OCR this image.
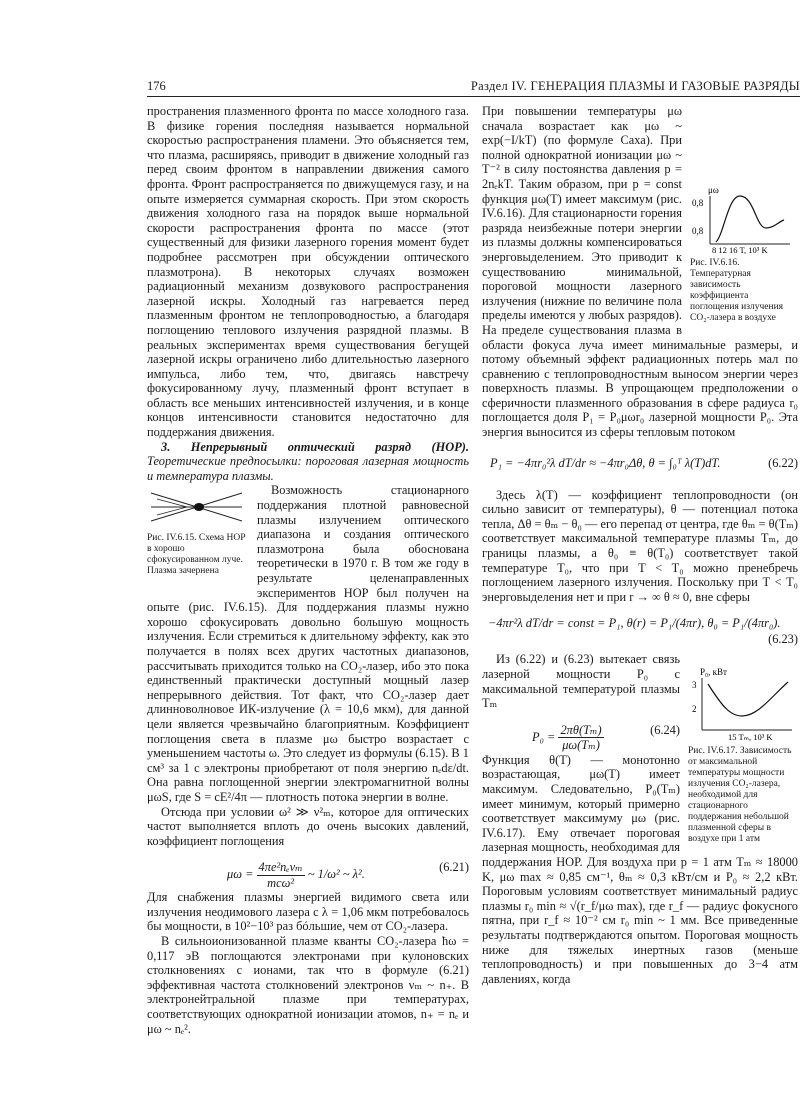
176	Раздел IV. ГЕНЕРАЦИЯ ПЛАЗМЫ И ГАЗОВЫЕ РАЗРЯДЫ

пространения плазменного фронта по массе холодного газа. В физике горения последняя называется нормальной скоростью распространения пламени. Это объясняется тем, что плазма, расширяясь, приводит в движение холодный газ перед своим фронтом в направлении движения самого фронта. Фронт распространяется по движущемуся газу, и на опыте измеряется суммарная скорость. При этом скорость движения холодного газа на порядок выше нормальной скорости распространения фронта по массе (этот существенный для физики лазерного горения момент будет подробнее рассмотрен при обсуждении оптического плазмотрона). В некоторых случаях возможен радиационный механизм дозвукового распространения лазерной искры. Холодный газ нагревается перед плазменным фронтом не теплопроводностью, а благодаря поглощению теплового излучения разрядной плазмы. В реальных экспериментах время существования бегущей лазерной искры ограничено либо длительностью лазерного импульса, либо тем, что, двигаясь навстречу фокусированному лучу, плазменный фронт вступает в область все меньших интенсивностей излучения, и в конце концов интенсивности становится недостаточно для поддержания движения.

3. Непрерывный оптический разряд (НОР). Теоретические предпосылки: пороговая лазерная мощность и температура плазмы.

Рис. IV.6.15. Схема НОР в хорошо сфокусированном луче. Плазма зачернена

Возможность стационарного поддержания плотной равновесной плазмы излучением оптического диапазона и создания оптического плазмотрона была обоснована теоретически в 1970 г. В том же году в результате целенаправленных экспериментов НОР был получен на опыте (рис. IV.6.15). Для поддержания плазмы нужно хорошо сфокусировать довольно большую мощность излучения. Если стремиться к длительному эффекту, как это получается в полях всех других частотных диапазонов, рассчитывать приходится только на CO₂-лазер, ибо это пока единственный практически доступный мощный лазер непрерывного действия. Тот факт, что CO₂-лазер дает длинноволновое ИК-излучение (λ = 10,6 мкм), для данной цели является чрезвычайно благоприятным. Коэффициент поглощения света в плазме μω быстро возрастает с уменьшением частоты ω. Это следует из формулы (6.15). В 1 см³ за 1 с электроны приобретают от поля энергию nₑdε/dt. Она равна поглощенной энергии электромагнитной волны μωS, где S = cE²/4π — плотность потока энергии в волне.

Отсюда при условии ω² ≫ ν²ₘ, которое для оптических частот выполняется вплоть до очень высоких давлений, коэффициент поглощения

$\mu\omega = \frac{\text{4πe²nₑνₘ}}{\text{mcω²}}$ ~ 1/ω² ~ λ².	(6.21)

Для снабжения плазмы энергией видимого света или излучения неодимового лазера с λ = 1,06 мкм потребовалось бы мощности, в 10²−10³ раз бóльшие, чем от CO₂-лазера.

В сильноионизованной плазме кванты CO₂-лазера ħω = 0,117 эВ поглощаются электронами при кулоновских столкновениях с ионами, так что в формуле (6.21) эффективная частота столкновений электронов νₘ ~ n₊. В электронейтральной плазме при температурах, соответствующих однократной ионизации атомов, n₊ = nₑ и μω ~ nₑ².

μω
0,8
0,8
8 12 16 T, 10³ K
Рис. IV.6.16. Температурная зависимость коэффициента поглощения излучения CO₂-лазера в воздухе

При повышении температуры μω сначала возрастает как μω ~ exp(−I/kT) (по формуле Саха). При полной однократной ионизации μω ~ T⁻² в силу постоянства давления p = 2nₑkT. Таким образом, при p = const функция μω(T) имеет максимум (рис. IV.6.16). Для стационарности горения разряда неизбежные потери энергии из плазмы должны компенсироваться энерговыделением. Это приводит к существованию минимальной, пороговой мощности лазерного излучения (нижние по величине пола пределы имеются у любых разрядов). На пределе существования плазма в области фокуса луча имеет минимальные размеры, и потому объемный эффект радиационных потерь мал по сравнению с теплопроводностным выносом энергии через поверхность плазмы. В упрощающем предположении о сферичности плазменного образования в сфере радиуса r₀ поглощается доля P₁ = P₀μωr₀ лазерной мощности P₀. Эта энергия выносится из сферы тепловым потоком

P₁ = −4πr₀²λ dT/dr ≈ −4πr₀Δθ, θ = ∫₀ᵀ λ(T)dT.	(6.22)

Здесь λ(T) — коэффициент теплопроводности (он сильно зависит от температуры), θ — потенциал потока тепла, Δθ = θₘ − θ₀ — его перепад от центра, где θₘ = θ(Tₘ) соответствует максимальной температуре плазмы Tₘ, до границы плазмы, а θ₀ ≡ θ(T₀) соответствует такой температуре T₀, что при T < T₀ можно пренебречь поглощением лазерного излучения. Поскольку при T < T₀ энерговыделения нет и при r → ∞ θ ≈ 0, вне сферы

−4πr²λ dT/dr = const = P₁, θ(r) = P₁/(4πr), θ₀ = P₁/(4πr₀).
(6.23)
P₀, кВт
3
2
15 Tₘ, 10³ K
Рис. IV.6.17. Зависимость от максимальной температуры мощности излучения CO₂-лазера, необходимой для стационарного поддержания небольшой плазменной сферы в воздухе при 1 атм

Из (6.22) и (6.23) вытекает связь лазерной мощности P₀ с максимальной температурой плазмы Tₘ

$P_0 = \frac{\text{2πθ(Tₘ)}}{\text{μω(Tₘ)}}$	(6.24)

Функция θ(T) — монотонно возрастающая, μω(T) имеет максимум. Следовательно, P₀(Tₘ) имеет минимум, который примерно соответствует максимуму μω (рис. IV.6.17). Ему отвечает пороговая лазерная мощность, необходимая для поддержания НОР. Для воздуха при p = 1 атм Tₘ ≈ 18000 K, μω max ≈ 0,85 см⁻¹, θₘ ≈ 0,3 кВт/см и P₀ ≈ 2,2 кВт. Пороговым условиям соответствует минимальный радиус плазмы r₀ min ≈ √(r_f/μω max), где r_f — радиус фокусного пятна, при r_f ≈ 10⁻² см r₀ min ~ 1 мм. Все приведенные результаты подтверждаются опытом. Пороговая мощность ниже для тяжелых инертных газов (меньше теплопроводность) и при повышенных до 3−4 атм давлениях, когда
